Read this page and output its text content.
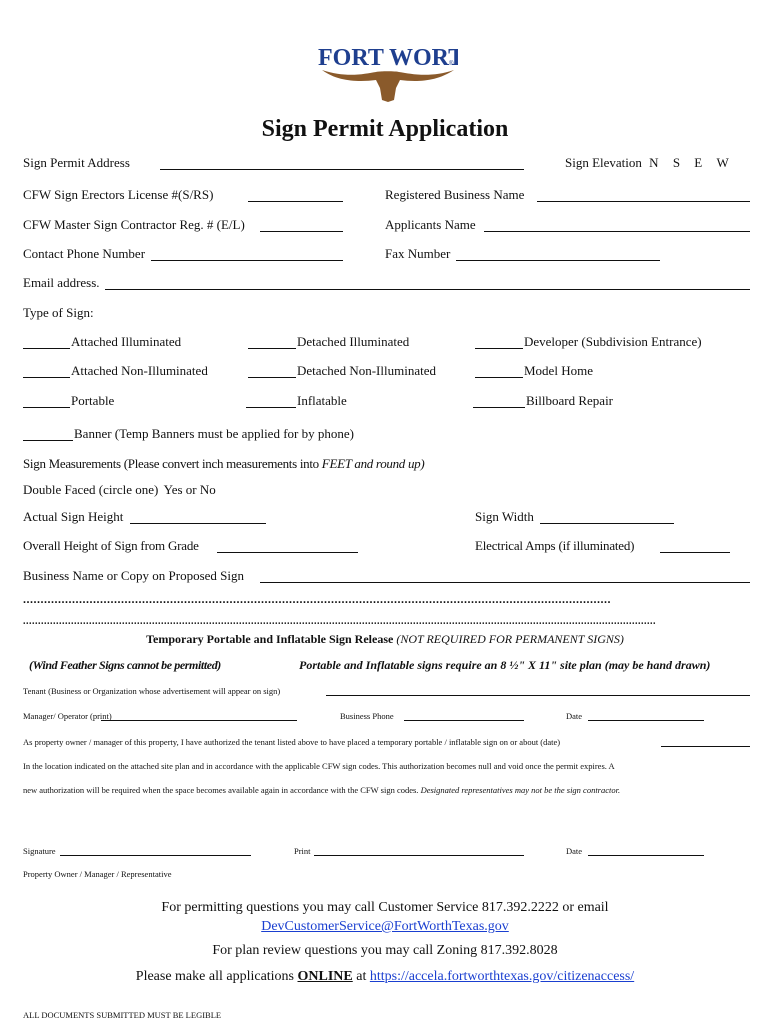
FORT WORT
®
Sign Permit Application
Sign Permit Address	Sign Elevation N S E W
CFW Sign Erectors License #(S/RS)	Registered Business Name
CFW Master Sign Contractor Reg. # (E/L)	Applicants Name
Contact Phone Number	Fax Number
Email address.
Type of Sign:
Attached Illuminated	Detached Illuminated	Developer (Subdivision Entrance)
Attached Non-Illuminated	Detached Non-Illuminated	Model Home
Portable	Inflatable	Billboard Repair
Banner (Temp Banners must be applied for by phone)
Sign Measurements (Please convert inch measurements into FEET and round up)
Double Faced (circle one) Yes or No
Actual Sign Height	Sign Width
Overall Height of Sign from Grade	Electrical Amps (if illuminated)
Business Name or Copy on Proposed Sign
........................................................................................................................................................................
...................................................................................................................................................................................................................
Temporary Portable and Inflatable Sign Release (NOT REQUIRED FOR PERMANENT SIGNS)
(Wind Feather Signs cannot be permitted)	Portable and Inflatable signs require an 8 ½" X 11" site plan (may be hand drawn)
Tenant (Business or Organization whose advertisement will appear on sign)
Manager/ Operator (print)	Business Phone	Date
As property owner / manager of this property, I have authorized the tenant listed above to have placed a temporary portable / inflatable sign on or about (date)
In the location indicated on the attached site plan and in accordance with the applicable CFW sign codes. This authorization becomes null and void once the permit expires. A
new authorization will be required when the space becomes available again in accordance with the CFW sign codes. Designated representatives may not be the sign contractor.
Signature	Print	Date
Property Owner / Manager / Representative
For permitting questions you may call Customer Service 817.392.2222 or email
DevCustomerService@FortWorthTexas.gov
For plan review questions you may call Zoning 817.392.8028
Please make all applications ONLINE at https://accela.fortworthtexas.gov/citizenaccess/
ALL DOCUMENTS SUBMITTED MUST BE LEGIBLE
